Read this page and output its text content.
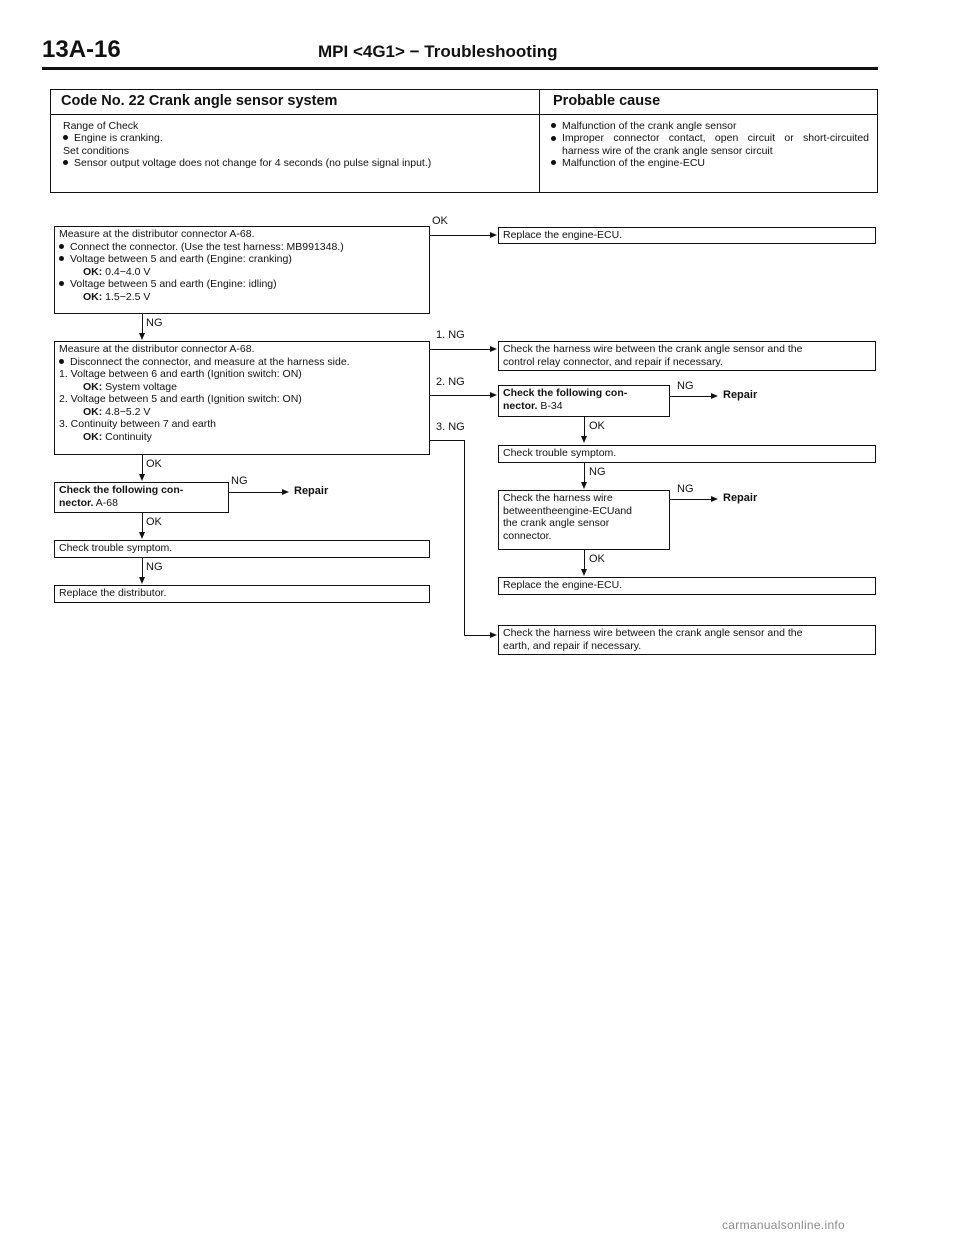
13A-16	MPI <4G1> − Troubleshooting
Code No. 22 Crank angle sensor system	Probable cause
Range of Check
Engine is cranking.
Set conditions
Sensor output voltage does not change for 4 seconds (no pulse signal input.)
Malfunction of the crank angle sensor
Improper connector contact, open circuit or short-circuited harness wire of the crank angle sensor circuit
Malfunction of the engine-ECU
Measure at the distributor connector A-68.
Connect the connector. (Use the test harness: MB991348.)
Voltage between 5 and earth (Engine: cranking)
OK: 0.4−4.0 V
Voltage between 5 and earth (Engine: idling)
OK: 1.5−2.5 V
OK
Replace the engine-ECU.
NG
Measure at the distributor connector A-68.
Disconnect the connector, and measure at the harness side.
1. Voltage between 6 and earth (Ignition switch: ON)
OK: System voltage
2. Voltage between 5 and earth (Ignition switch: ON)
OK: 4.8−5.2 V
3. Continuity between 7 and earth
OK: Continuity
1. NG
Check the harness wire between the crank angle sensor and the
control relay connector, and repair if necessary.
2. NG
Check the following con-
nector. B-34
NG
Repair
OK
Check trouble symptom.
NG
Check the harness wire
betweentheengine-ECUand
the crank angle sensor
connector.
NG
Repair
OK
Replace the engine-ECU.
3. NG
Check the harness wire between the crank angle sensor and the
earth, and repair if necessary.
OK
Check the following con-
nector. A-68
NG
Repair
OK
Check trouble symptom.
NG
Replace the distributor.
carmanualsonline.info
